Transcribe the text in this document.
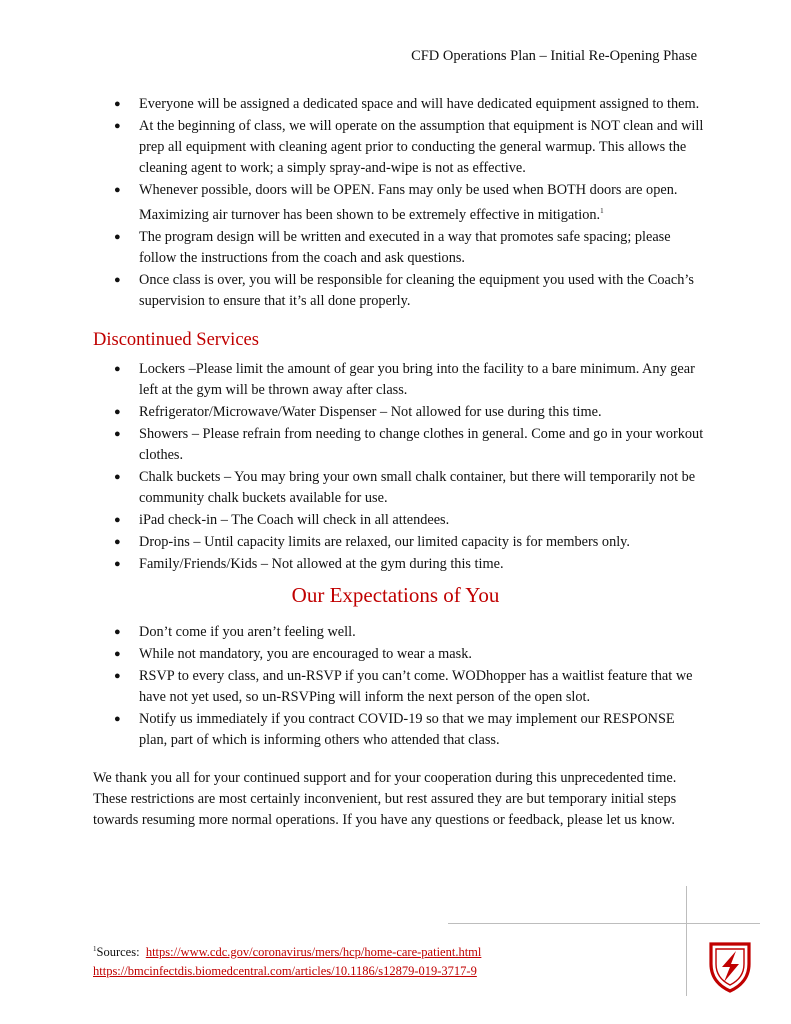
CFD Operations Plan – Initial Re-Opening Phase
● Everyone will be assigned a dedicated space and will have dedicated equipment assigned to them.
● At the beginning of class, we will operate on the assumption that equipment is NOT clean and will prep all equipment with cleaning agent prior to conducting the general warmup. This allows the cleaning agent to work; a simply spray-and-wipe is not as effective.
● Whenever possible, doors will be OPEN. Fans may only be used when BOTH doors are open. Maximizing air turnover has been shown to be extremely effective in mitigation.$^1$
● The program design will be written and executed in a way that promotes safe spacing; please follow the instructions from the coach and ask questions.
● Once class is over, you will be responsible for cleaning the equipment you used with the Coach’s supervision to ensure that it’s all done properly.
Discontinued Services
● Lockers –Please limit the amount of gear you bring into the facility to a bare minimum. Any gear left at the gym will be thrown away after class.
● Refrigerator/Microwave/Water Dispenser – Not allowed for use during this time.
● Showers – Please refrain from needing to change clothes in general. Come and go in your workout clothes.
● Chalk buckets – You may bring your own small chalk container, but there will temporarily not be community chalk buckets available for use.
● iPad check-in – The Coach will check in all attendees.
● Drop-ins – Until capacity limits are relaxed, our limited capacity is for members only.
● Family/Friends/Kids – Not allowed at the gym during this time.
Our Expectations of You
● Don’t come if you aren’t feeling well.
● While not mandatory, you are encouraged to wear a mask.
● RSVP to every class, and un-RSVP if you can’t come. WODhopper has a waitlist feature that we have not yet used, so un-RSVPing will inform the next person of the open slot.
● Notify us immediately if you contract COVID-19 so that we may implement our RESPONSE plan, part of which is informing others who attended that class.

We thank you all for your continued support and for your cooperation during this unprecedented time. These restrictions are most certainly inconvenient, but rest assured they are but temporary initial steps towards resuming more normal operations. If you have any questions or feedback, please let us know.

$^1$Sources: https://www.cdc.gov/coronavirus/mers/hcp/home-care-patient.html
https://bmcinfectdis.biomedcentral.com/articles/10.1186/s12879-019-3717-9
